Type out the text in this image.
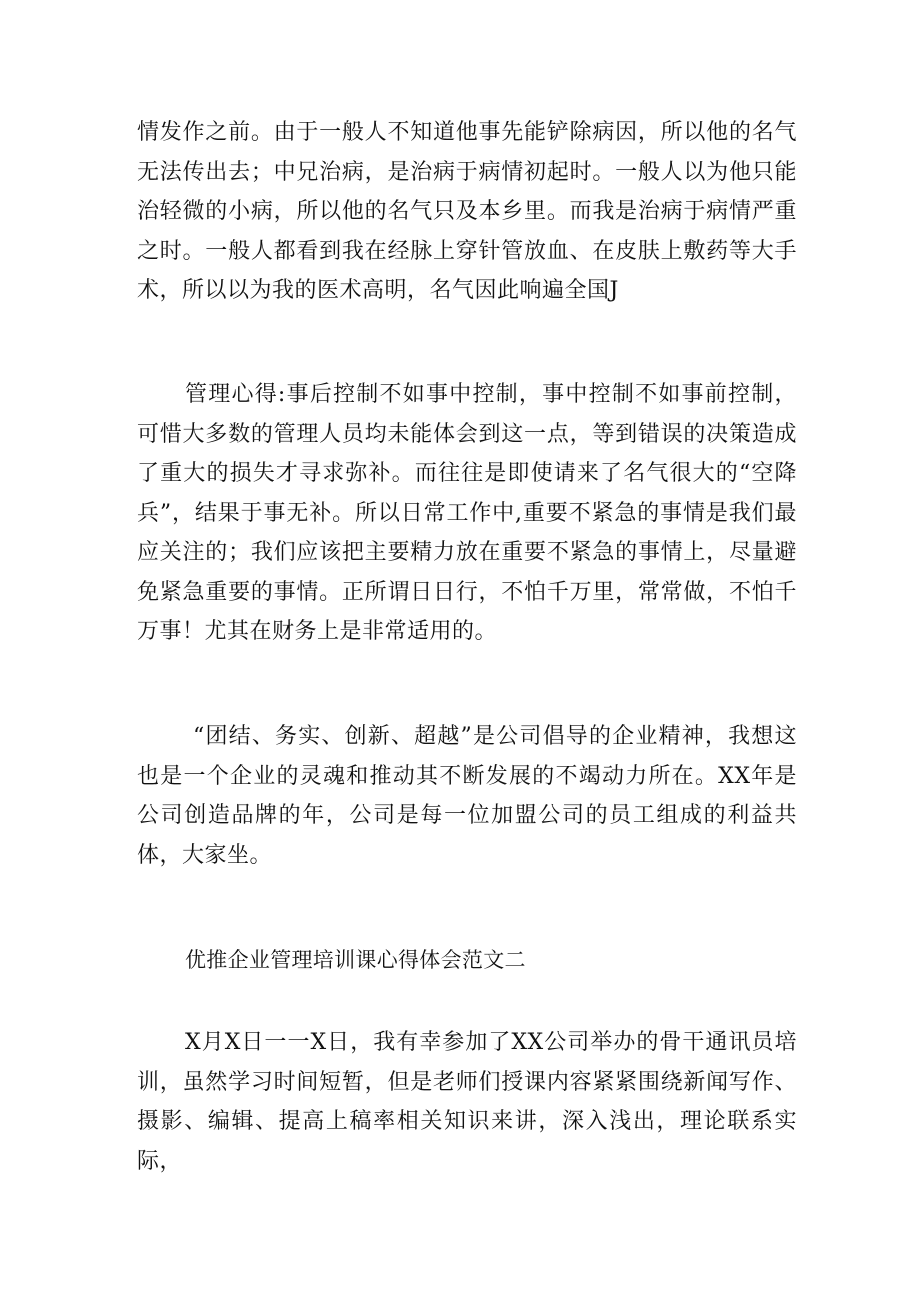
情发作之前。由于一般人不知道他事先能铲除病因，所以他的名气无法传出去；中兄治病，是治病于病情初起时。一般人以为他只能治轻微的小病，所以他的名气只及本乡里。而我是治病于病情严重之时。一般人都看到我在经脉上穿针管放血、在皮肤上敷药等大手术，所以以为我的医术高明，名气因此响遍全国J

管理心得:事后控制不如事中控制，事中控制不如事前控制，可惜大多数的管理人员均未能体会到这一点，等到错误的决策造成了重大的损失才寻求弥补。而往往是即使请来了名气很大的“空降兵”，结果于事无补。所以日常工作中,重要不紧急的事情是我们最应关注的；我们应该把主要精力放在重要不紧急的事情上，尽量避免紧急重要的事情。正所谓日日行，不怕千万里，常常做，不怕千万事！尤其在财务上是非常适用的。

“团结、务实、创新、超越”是公司倡导的企业精神，我想这也是一个企业的灵魂和推动其不断发展的不竭动力所在。XX年是公司创造品牌的年，公司是每一位加盟公司的员工组成的利益共体，大家坐。

优推企业管理培训课心得体会范文二

X月X日一一X日，我有幸参加了XX公司举办的骨干通讯员培训，虽然学习时间短暂，但是老师们授课内容紧紧围绕新闻写作、摄影、编辑、提高上稿率相关知识来讲，深入浅出，理论联系实际，
